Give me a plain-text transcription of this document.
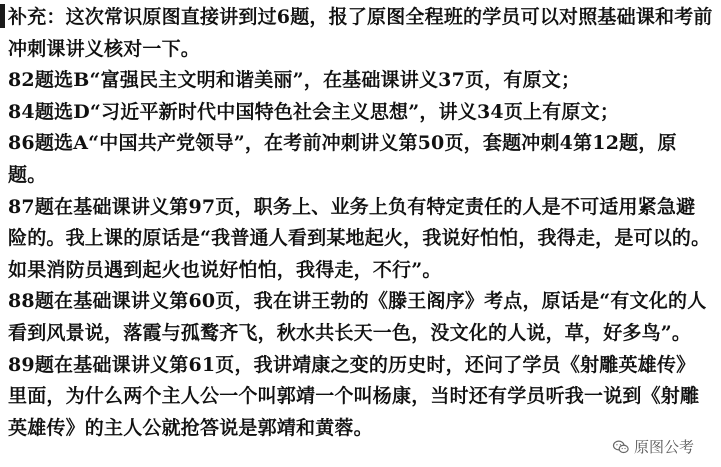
补充：这次常识原图直接讲到过6题，报了原图全程班的学员可以对照基础课和考前冲刺课讲义核对一下。

82题选B“富强民主文明和谐美丽”，在基础课讲义37页，有原文；

84题选D“习近平新时代中国特色社会主义思想”，讲义34页上有原文；

86题选A“中国共产党领导”，在考前冲刺讲义第50页，套题冲刺4第12题，原题。

87题在基础课讲义第97页，职务上、业务上负有特定责任的人是不可适用紧急避险的。我上课的原话是“我普通人看到某地起火，我说好怕怕，我得走，是可以的。如果消防员遇到起火也说好怕怕，我得走，不行”。

88题在基础课讲义第60页，我在讲王勃的《滕王阁序》考点，原话是“有文化的人看到风景说，落霞与孤鹜齐飞，秋水共长天一色，没文化的人说，草，好多鸟”。

89题在基础课讲义第61页，我讲靖康之变的历史时，还问了学员《射雕英雄传》里面，为什么两个主人公一个叫郭靖一个叫杨康，当时还有学员听我一说到《射雕英雄传》的主人公就抢答说是郭靖和黄蓉。

原图公考
